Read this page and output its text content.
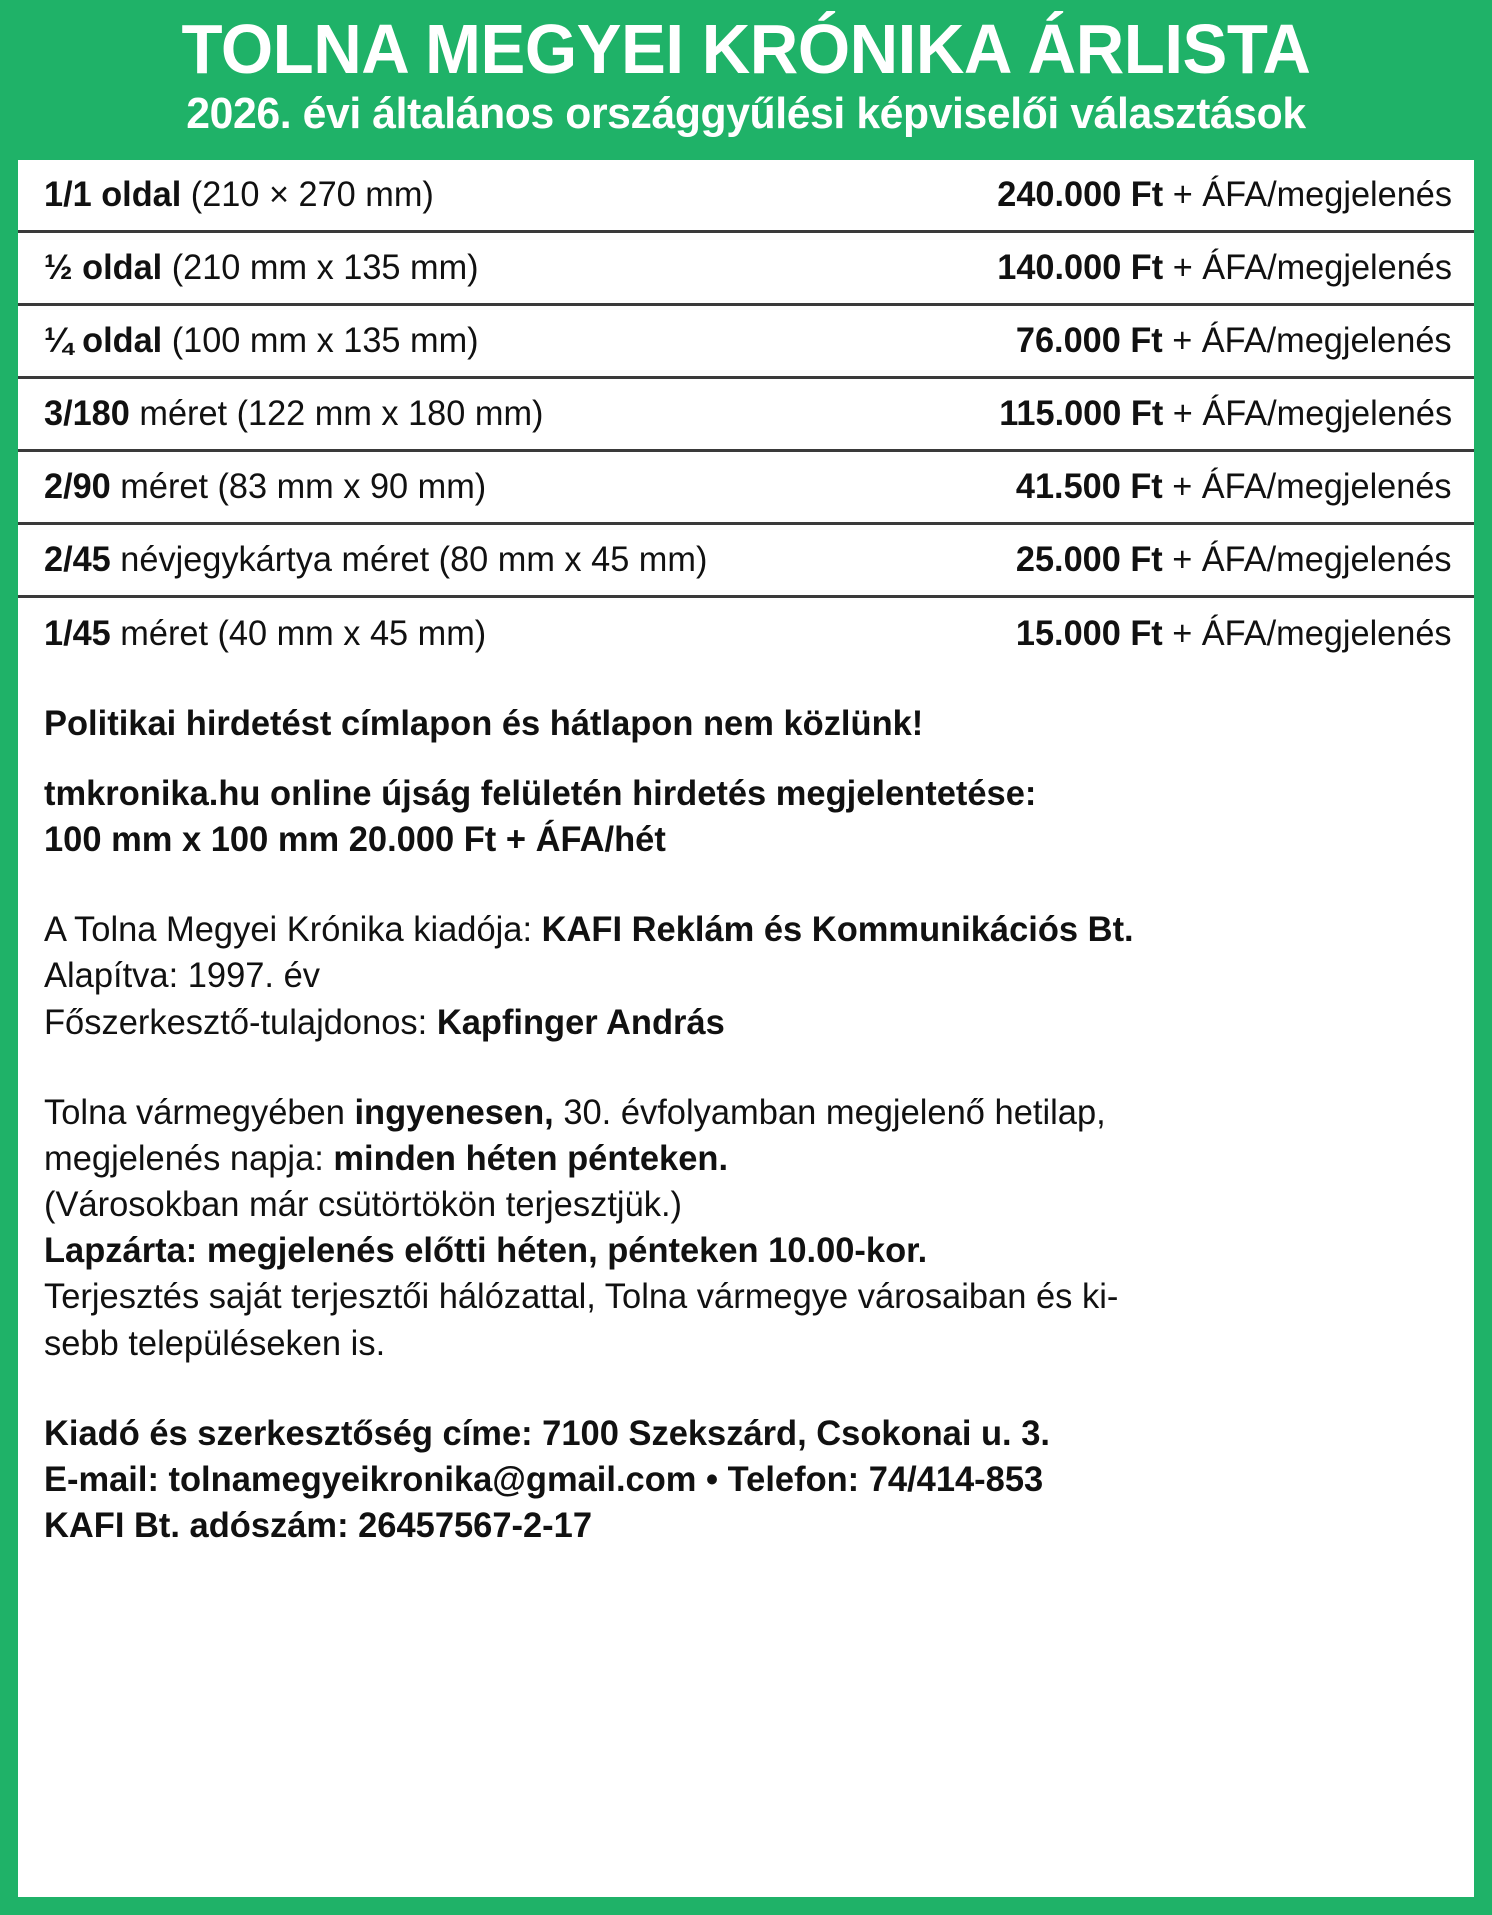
TOLNA MEGYEI KRÓNIKA ÁRLISTA
2026. évi általános országgyűlési képviselői választások
1/1 oldal (210 × 270 mm)	240.000 Ft + ÁFA/megjelenés
½ oldal (210 mm x 135 mm)	140.000 Ft + ÁFA/megjelenés
¼ oldal (100 mm x 135 mm)	76.000 Ft + ÁFA/megjelenés
3/180 méret (122 mm x 180 mm)	115.000 Ft + ÁFA/megjelenés
2/90 méret (83 mm x 90 mm)	41.500 Ft + ÁFA/megjelenés
2/45 névjegykártya méret (80 mm x 45 mm)	25.000 Ft + ÁFA/megjelenés
1/45 méret (40 mm x 45 mm)	15.000 Ft + ÁFA/megjelenés
Politikai hirdetést címlapon és hátlapon nem közlünk!
tmkronika.hu online újság felületén hirdetés megjelentetése:
100 mm x 100 mm 20.000 Ft + ÁFA/hét
A Tolna Megyei Krónika kiadója: KAFI Reklám és Kommunikációs Bt.
Alapítva: 1997. év
Főszerkesztő-tulajdonos: Kapfinger András
Tolna vármegyében ingyenesen, 30. évfolyamban megjelenő hetilap,
megjelenés napja: minden héten pénteken.
(Városokban már csütörtökön terjesztjük.)
Lapzárta: megjelenés előtti héten, pénteken 10.00-kor.
Terjesztés saját terjesztői hálózattal, Tolna vármegye városaiban és ki-
sebb településeken is.
Kiadó és szerkesztőség címe: 7100 Szekszárd, Csokonai u. 3.
E-mail: tolnamegyeikronika@gmail.com • Telefon: 74/414-853
KAFI Bt. adószám: 26457567-2-17
